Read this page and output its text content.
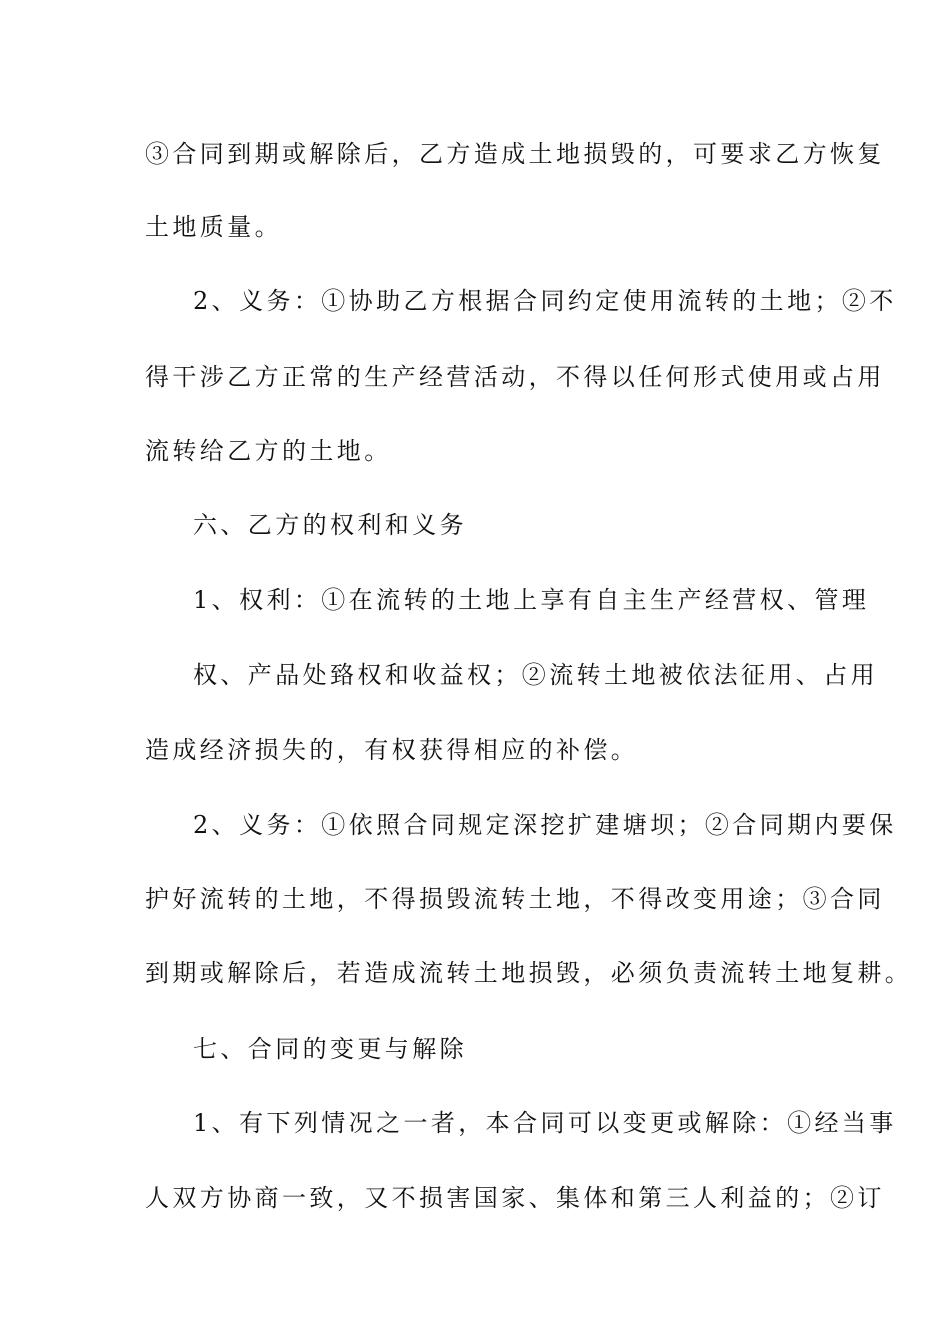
③合同到期或解除后，乙方造成土地损毁的，可要求乙方恢复
土地质量。
2、义务：①协助乙方根据合同约定使用流转的土地；②不
得干涉乙方正常的生产经营活动，不得以任何形式使用或占用
流转给乙方的土地。
六、乙方的权利和义务
1、权利：①在流转的土地上享有自主生产经营权、管理
权、产品处臵权和收益权；②流转土地被依法征用、占用
造成经济损失的，有权获得相应的补偿。
2、义务：①依照合同规定深挖扩建塘坝；②合同期内要保
护好流转的土地，不得损毁流转土地，不得改变用途；③合同
到期或解除后，若造成流转土地损毁，必须负责流转土地复耕。
七、合同的变更与解除
1、有下列情况之一者，本合同可以变更或解除：①经当事
人双方协商一致，又不损害国家、集体和第三人利益的；②订
